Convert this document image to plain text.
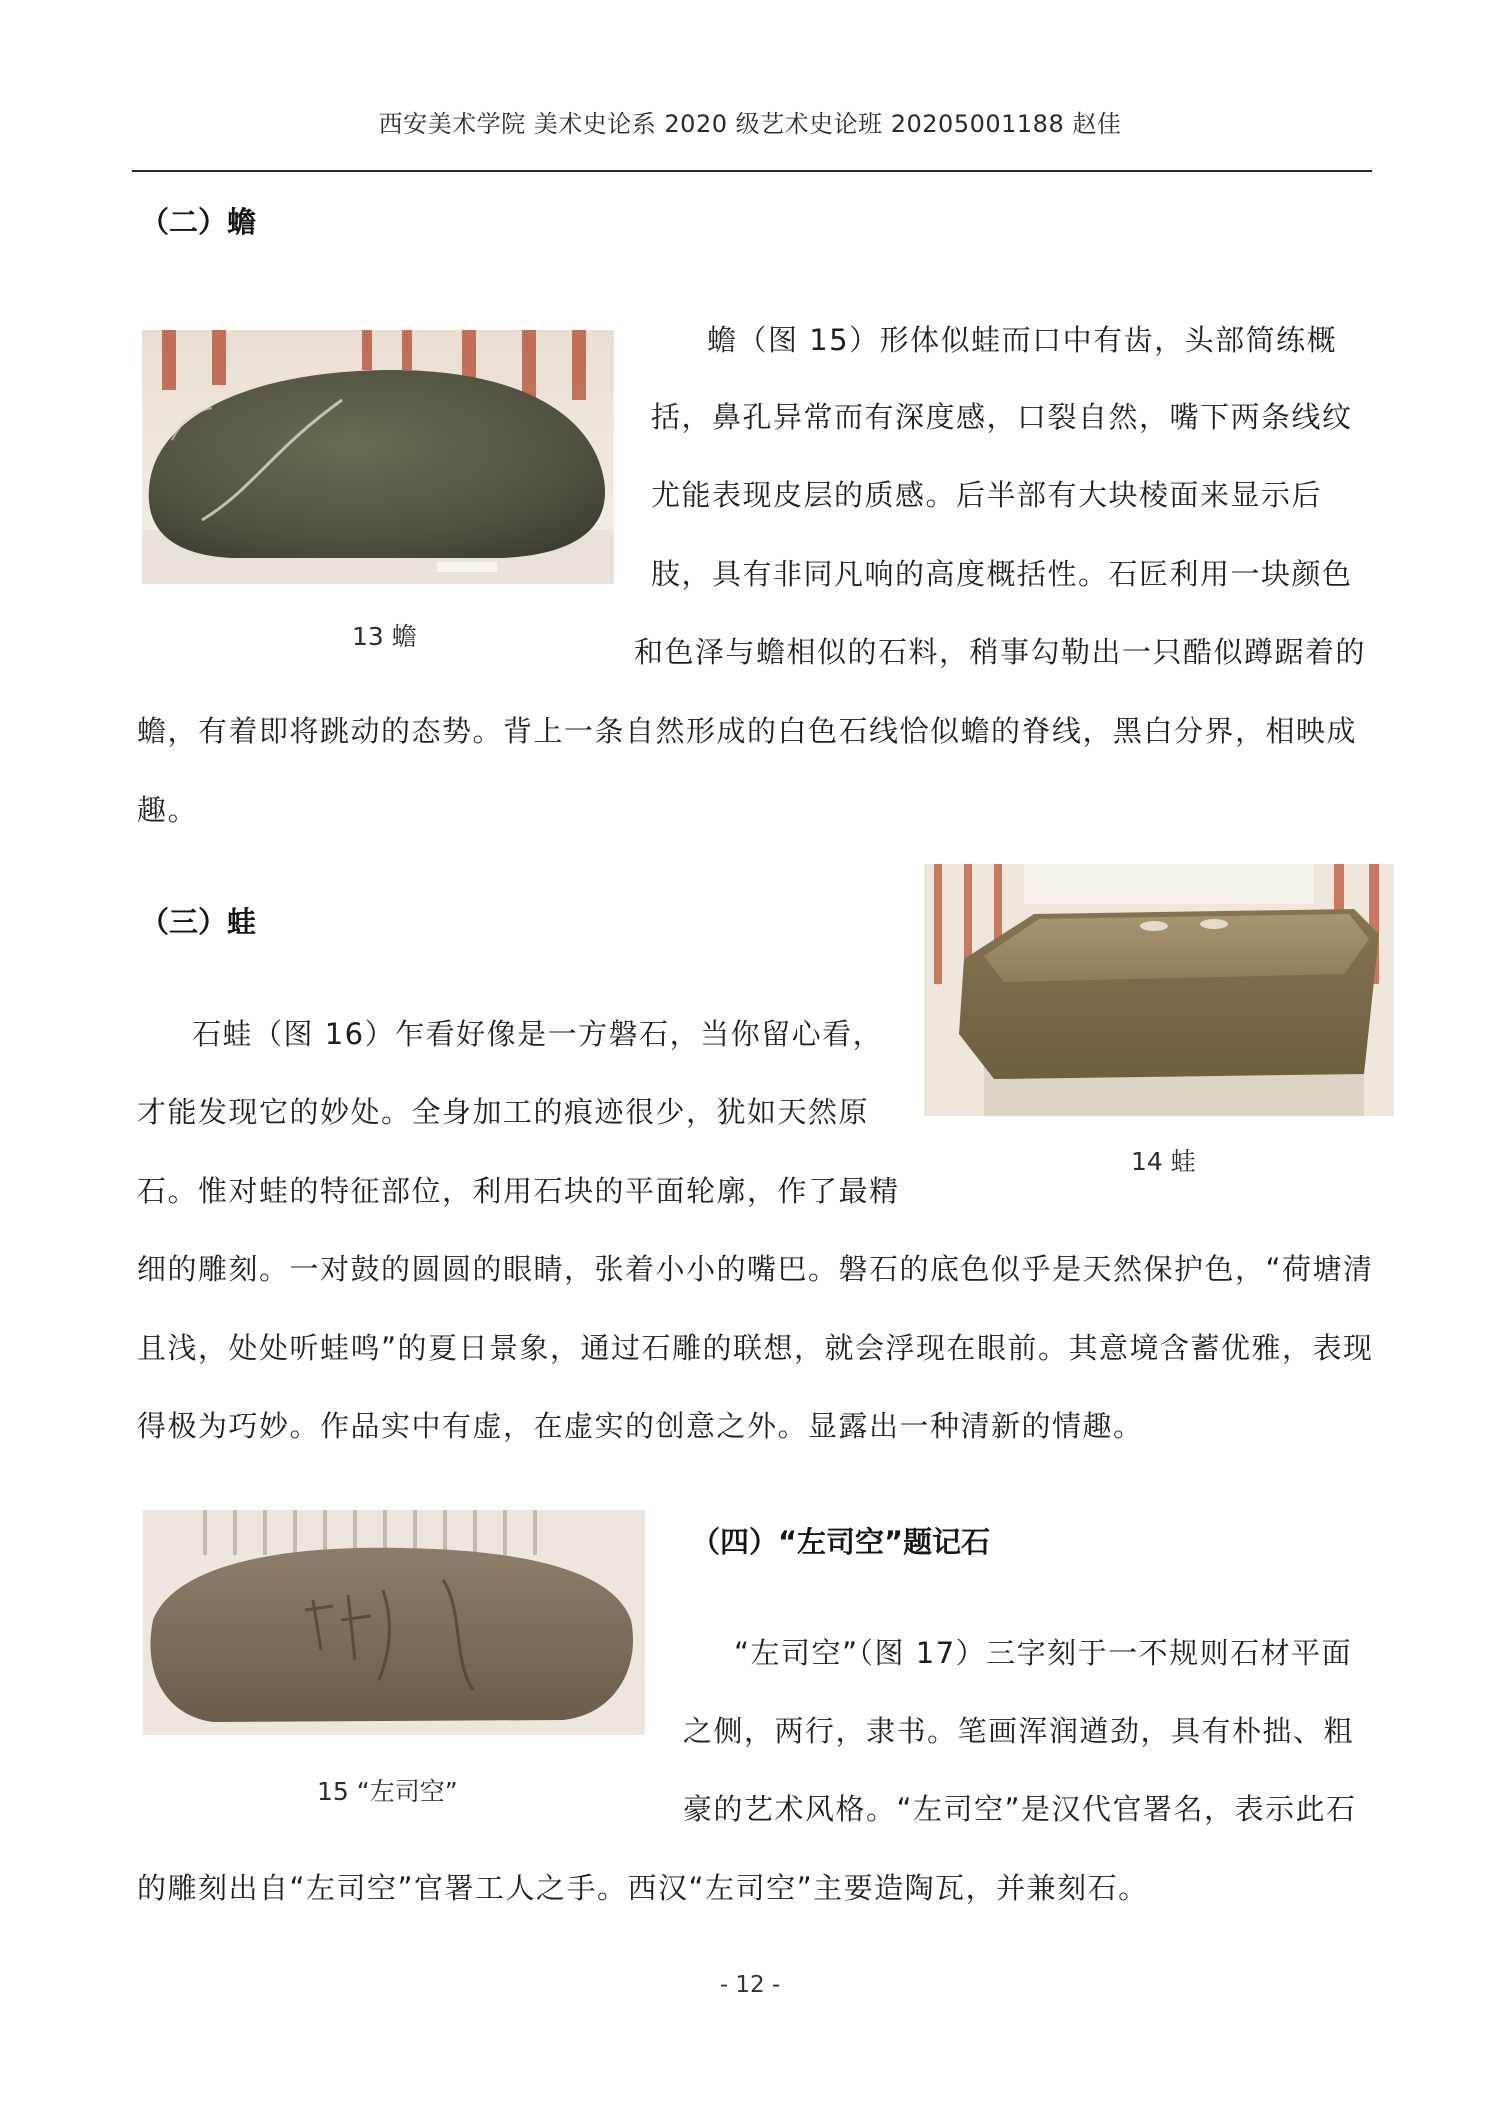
西安美术学院 美术史论系 2020 级艺术史论班 20205001188 赵佳
（二）蟾
13 蟾
蟾（图 15）形体似蛙而口中有齿，头部简练概
括，鼻孔异常而有深度感，口裂自然，嘴下两条线纹
尤能表现皮层的质感。后半部有大块棱面来显示后
肢，具有非同凡响的高度概括性。石匠利用一块颜色
和色泽与蟾相似的石料，稍事勾勒出一只酷似蹲踞着的
蟾，有着即将跳动的态势。背上一条自然形成的白色石线恰似蟾的脊线，黑白分界，相映成
趣。
（三）蛙
14 蛙
石蛙（图 16）乍看好像是一方磐石，当你留心看，
才能发现它的妙处。全身加工的痕迹很少，犹如天然原
石。惟对蛙的特征部位，利用石块的平面轮廓，作了最精
细的雕刻。一对鼓的圆圆的眼睛，张着小小的嘴巴。磐石的底色似乎是天然保护色，“荷塘清
且浅，处处听蛙鸣”的夏日景象，通过石雕的联想，就会浮现在眼前。其意境含蓄优雅，表现
得极为巧妙。作品实中有虚，在虚实的创意之外。显露出一种清新的情趣。
15 “左司空”
（四）“左司空”题记石
“左司空”（图 17）三字刻于一不规则石材平面
之侧，两行，隶书。笔画浑润遒劲，具有朴拙、粗
豪的艺术风格。“左司空”是汉代官署名，表示此石
的雕刻出自“左司空”官署工人之手。西汉“左司空”主要造陶瓦，并兼刻石。
- 12 -
